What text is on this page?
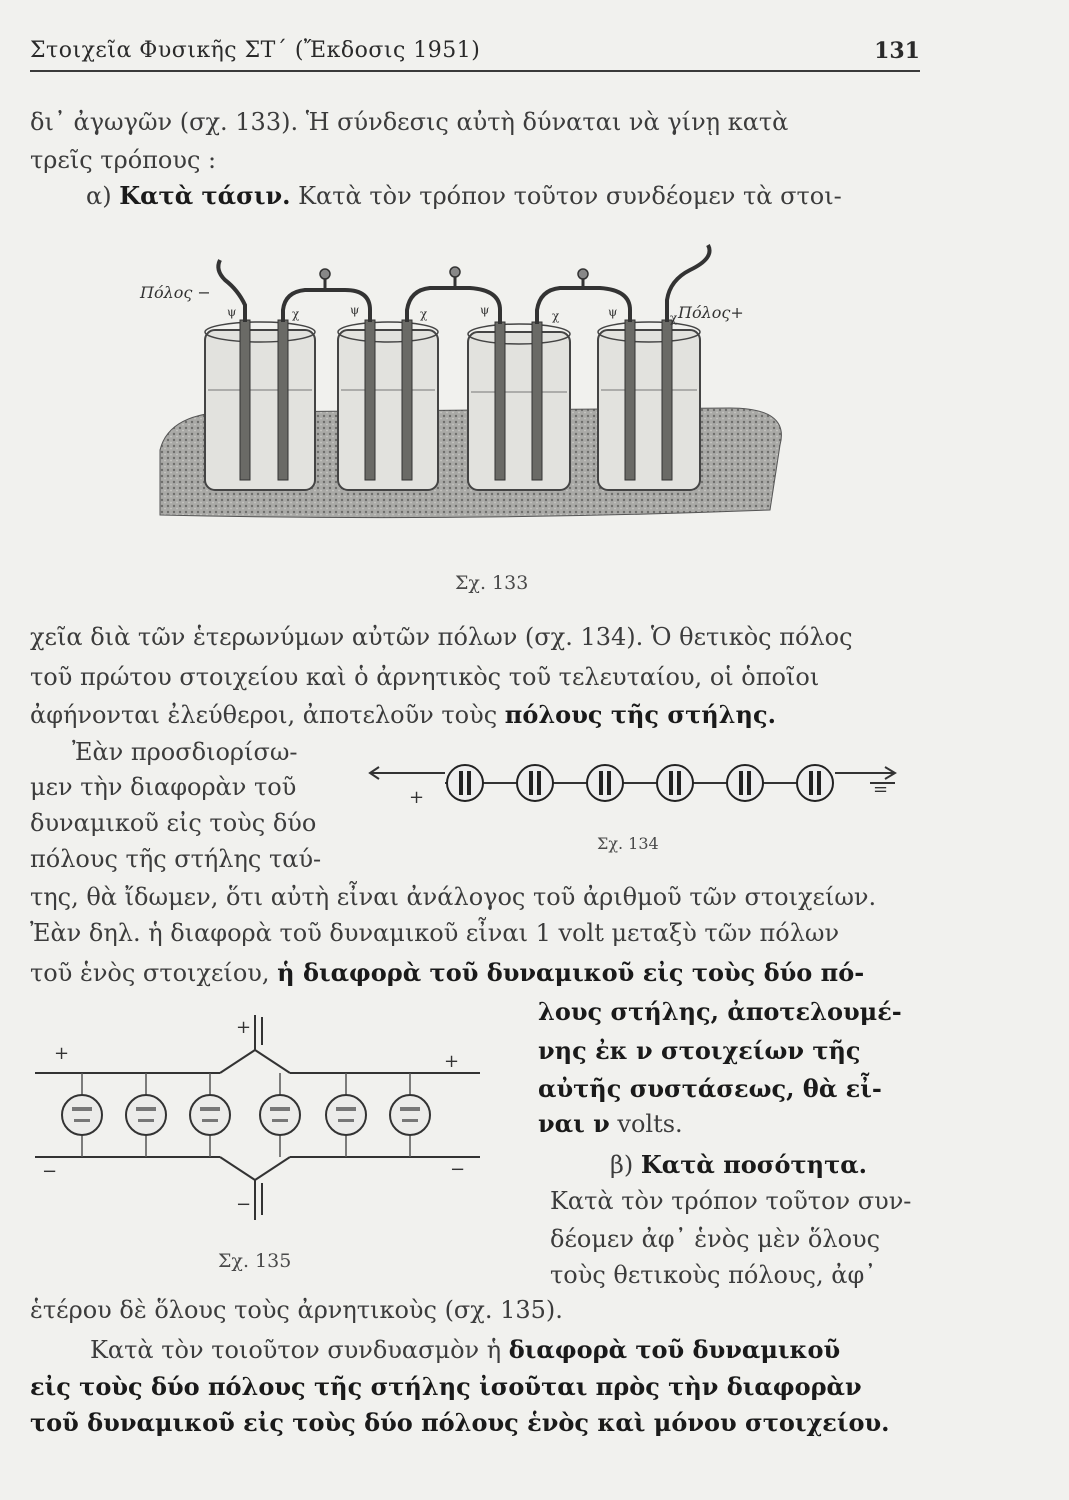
Στοιχεῖα Φυσικῆς ΣΤ΄ (Ἔκδοσις 1951)	131
δι᾽ ἀγωγῶν (σχ. 133). Ἡ σύνδεσις αὐτὴ δύναται νὰ γίνῃ κατὰ
τρεῖς τρόπους :
α) Κατὰ τάσιν. Κατὰ τὸν τρόπον τοῦτον συνδέομεν τὰ στοι-
Πόλος −
Πόλος+
ψ	χ	ψ	χ	ψ	χ	ψ	χ
Σχ. 133
χεῖα διὰ τῶν ἑτερωνύμων αὐτῶν πόλων (σχ. 134). Ὁ θετικὸς πόλος
τοῦ πρώτου στοιχείου καὶ ὁ ἀρνητικὸς τοῦ τελευταίου, οἱ ὁποῖοι
ἀφήνονται ἐλεύθεροι, ἀποτελοῦν τοὺς πόλους τῆς στήλης.
Ἐὰν προσδιορίσω-
μεν τὴν διαφορὰν τοῦ
δυναμικοῦ εἰς τοὺς δύο
πόλους τῆς στήλης ταύ-
+	=
Σχ. 134
της, θὰ ἴδωμεν, ὅτι αὐτὴ εἶναι ἀνάλογος τοῦ ἀριθμοῦ τῶν στοιχείων.
Ἐὰν δηλ. ἡ διαφορὰ τοῦ δυναμικοῦ εἶναι 1 volt μεταξὺ τῶν πόλων
τοῦ ἑνὸς στοιχείου, ἡ διαφορὰ τοῦ δυναμικοῦ εἰς τοὺς δύο πό-
λους στήλης, ἀποτελουμέ-
νης ἐκ ν στοιχείων τῆς
αὐτῆς συστάσεως, θὰ εἶ-
ναι ν volts.
+
−
+	+
−	−
Σχ. 135
β) Κατὰ ποσότητα.
Κατὰ τὸν τρόπον τοῦτον συν-
δέομεν ἀφ᾽ ἑνὸς μὲν ὅλους
τοὺς θετικοὺς πόλους, ἀφ᾽
ἑτέρου δὲ ὅλους τοὺς ἀρνητικοὺς (σχ. 135).
Κατὰ τὸν τοιοῦτον συνδυασμὸν ἡ διαφορὰ τοῦ δυναμικοῦ
εἰς τοὺς δύο πόλους τῆς στήλης ἰσοῦται πρὸς τὴν διαφορὰν
τοῦ δυναμικοῦ εἰς τοὺς δύο πόλους ἑνὸς καὶ μόνου στοιχείου.
